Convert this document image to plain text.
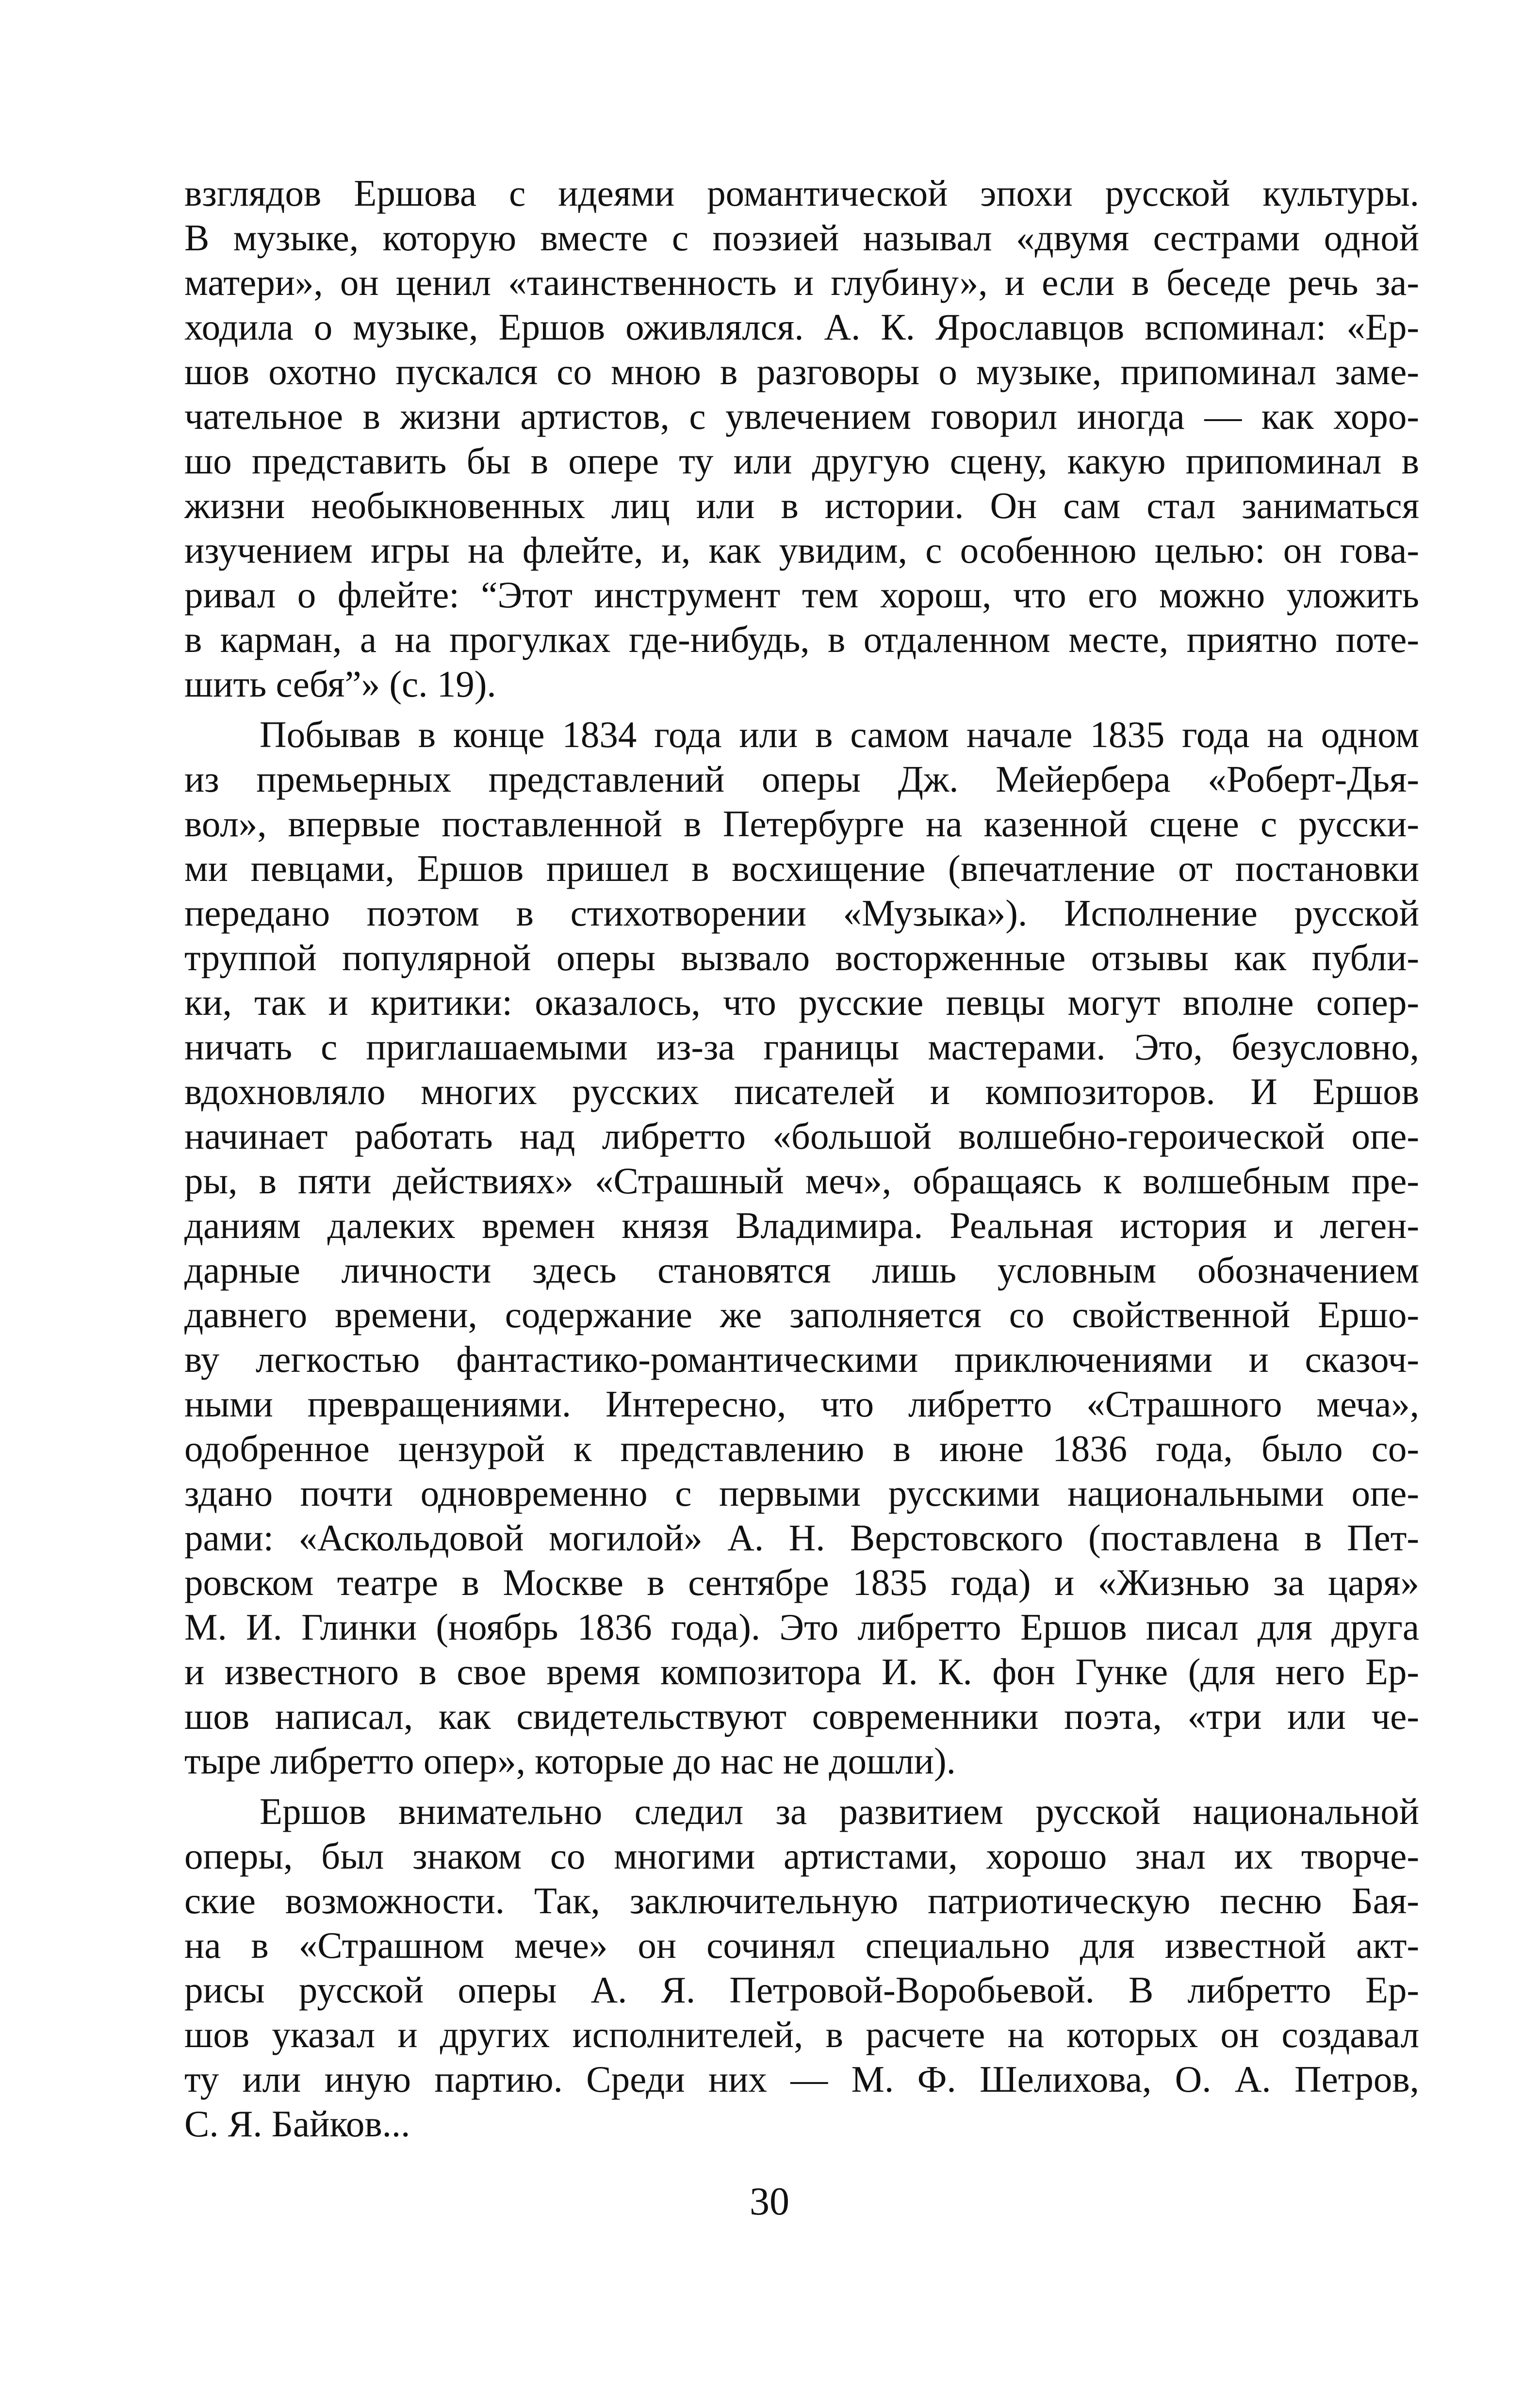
взглядов Ершова с идеями романтической эпохи русской культуры.
В музыке, которую вместе с поэзией называл «двумя сестрами одной
матери», он ценил «таинственность и глубину», и если в беседе речь за-
ходила о музыке, Ершов оживлялся. А. К. Ярославцов вспоминал: «Ер-
шов охотно пускался со мною в разговоры о музыке, припоминал заме-
чательное в жизни артистов, с увлечением говорил иногда — как хоро-
шо представить бы в опере ту или другую сцену, какую припоминал в
жизни необыкновенных лиц или в истории. Он сам стал заниматься
изучением игры на флейте, и, как увидим, с особенною целью: он гова-
ривал о флейте: “Этот инструмент тем хорош, что его можно уложить
в карман, а на прогулках где-нибудь, в отдаленном месте, приятно поте-
шить себя”» (с. 19).
Побывав в конце 1834 года или в самом начале 1835 года на одном
из премьерных представлений оперы Дж. Мейербера «Роберт-Дья-
вол», впервые поставленной в Петербурге на казенной сцене с русски-
ми певцами, Ершов пришел в восхищение (впечатление от постановки
передано поэтом в стихотворении «Музыка»). Исполнение русской
труппой популярной оперы вызвало восторженные отзывы как публи-
ки, так и критики: оказалось, что русские певцы могут вполне сопер-
ничать с приглашаемыми из-за границы мастерами. Это, безусловно,
вдохновляло многих русских писателей и композиторов. И Ершов
начинает работать над либретто «большой волшебно-героической опе-
ры, в пяти действиях» «Страшный меч», обращаясь к волшебным пре-
даниям далеких времен князя Владимира. Реальная история и леген-
дарные личности здесь становятся лишь условным обозначением
давнего времени, содержание же заполняется со свойственной Ершо-
ву легкостью фантастико-романтическими приключениями и сказоч-
ными превращениями. Интересно, что либретто «Страшного меча»,
одобренное цензурой к представлению в июне 1836 года, было со-
здано почти одновременно с первыми русскими национальными опе-
рами: «Аскольдовой могилой» А. Н. Верстовского (поставлена в Пет-
ровском театре в Москве в сентябре 1835 года) и «Жизнью за царя»
М. И. Глинки (ноябрь 1836 года). Это либретто Ершов писал для друга
и известного в свое время композитора И. К. фон Гунке (для него Ер-
шов написал, как свидетельствуют современники поэта, «три или че-
тыре либретто опер», которые до нас не дошли).
Ершов внимательно следил за развитием русской национальной
оперы, был знаком со многими артистами, хорошо знал их творче-
ские возможности. Так, заключительную патриотическую песню Бая-
на в «Страшном мече» он сочинял специально для известной акт-
рисы русской оперы А. Я. Петровой-Воробьевой. В либретто Ер-
шов указал и других исполнителей, в расчете на которых он создавал
ту или иную партию. Среди них — М. Ф. Шелихова, О. А. Петров,
С. Я. Байков...
30
